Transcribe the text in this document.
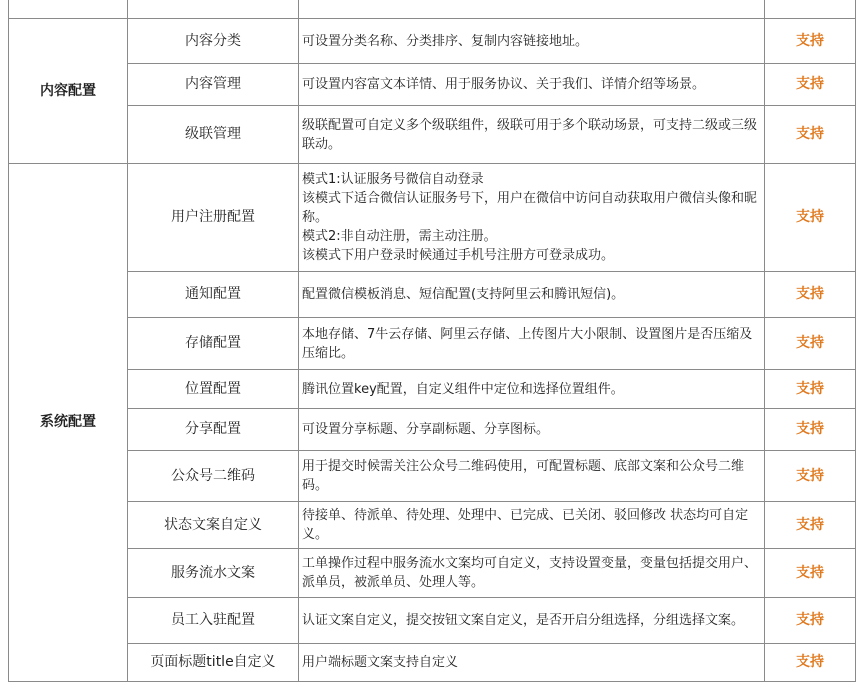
内容配置	内容分类	可设置分类名称、分类排序、复制内容链接地址。	支持
	内容管理	可设置内容富文本详情、用于服务协议、关于我们、详情介绍等场景。	支持
	级联管理	级联配置可自定义多个级联组件，级联可用于多个联动场景，可支持二级或三级联动。	支持
系统配置	用户注册配置	模式1:认证服务号微信自动登录
该模式下适合微信认证服务号下，用户在微信中访问自动获取用户微信头像和昵称。
模式2:非自动注册，需主动注册。
该模式下用户登录时候通过手机号注册方可登录成功。	支持
	通知配置	配置微信模板消息、短信配置(支持阿里云和腾讯短信)。	支持
	存储配置	本地存储、7牛云存储、阿里云存储、上传图片大小限制、设置图片是否压缩及压缩比。	支持
	位置配置	腾讯位置key配置，自定义组件中定位和选择位置组件。	支持
	分享配置	可设置分享标题、分享副标题、分享图标。	支持
	公众号二维码	用于提交时候需关注公众号二维码使用，可配置标题、底部文案和公众号二维码。	支持
	状态文案自定义	待接单、待派单、待处理、处理中、已完成、已关闭、驳回修改 状态均可自定义。	支持
	服务流水文案	工单操作过程中服务流水文案均可自定义，支持设置变量，变量包括提交用户、派单员，被派单员、处理人等。	支持
	员工入驻配置	认证文案自定义，提交按钮文案自定义，是否开启分组选择，分组选择文案。	支持
	页面标题title自定义	用户端标题文案支持自定义	支持
